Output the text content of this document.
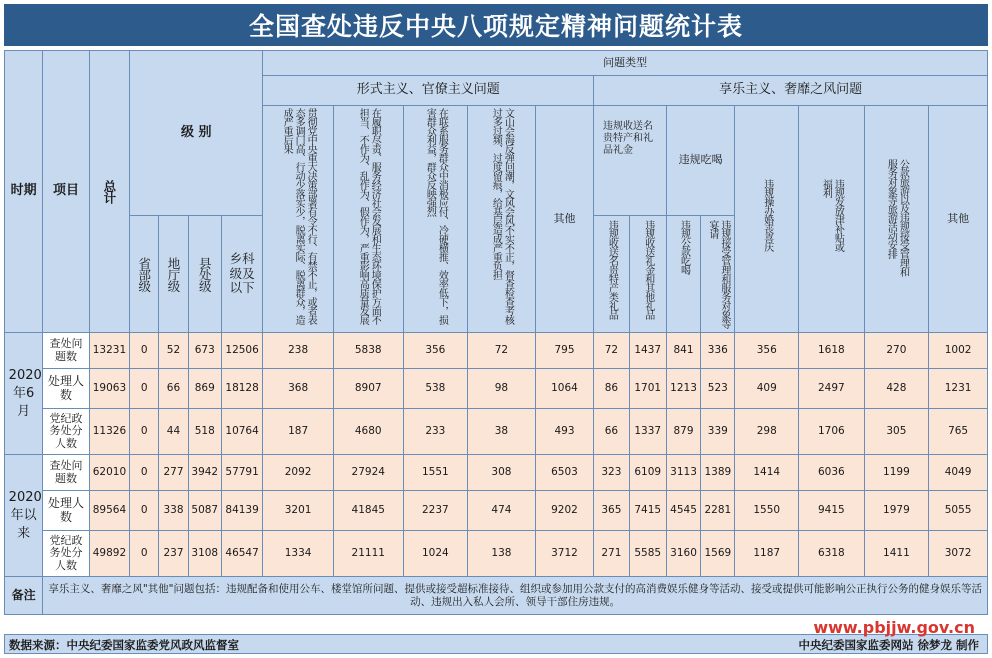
全国查处违反中央八项规定精神问题统计表
时期	项目	总计	级 别				问题类型												
							形式主义、官僚主义问题					享乐主义、奢靡之风问题							

							贯彻党中央重大决策部署有令不行、有禁不止，或者表态多调门高、行动少落实少，脱离实际、脱离群众，造成严重后果	在履职尽责、服务经济社会发展和生态环境保护方面不担当、不作为、乱作为、假作为，严重影响高质量发展	在联系服务群众中消极应付、冷硬横推、效率低下，损害群众利益，群众反映强烈	文山会海反弹回潮，文风会风不实不正，督查检查考核过多过频、过度留痕，给基层造成严重负担	其他	违规收送名贵特产和礼品礼金		违规吃喝		违规操办婚丧喜庆	违规发放津补贴或福利	公款旅游以及违规接受管理和服务对象等旅游活动安排	其他

			省部级	地厅级	县处级	乡科级及以下						违规收送名贵特产类礼品	违规收送礼金和其他礼品	违规公款吃喝	违规接受管理和服务对象等宴请				

2020年6月	查处问题数	13231	0	52	673	12506	238	5838	356	72	795	72	1437	841	336	356	1618	270	1002

	处理人数	19063	0	66	869	18128	368	8907	538	98	1064	86	1701	1213	523	409	2497	428	1231

	党纪政务处分人数	11326	0	44	518	10764	187	4680	233	38	493	66	1337	879	339	298	1706	305	765

2020年以来	查处问题数	62010	0	277	3942	57791	2092	27924	1551	308	6503	323	6109	3113	1389	1414	6036	1199	4049

	处理人数	89564	0	338	5087	84139	3201	41845	2237	474	9202	365	7415	4545	2281	1550	9415	1979	5055

	党纪政务处分人数	49892	0	237	3108	46547	1334	21111	1024	138	3712	271	5585	3160	1569	1187	6318	1411	3072
备注	享乐主义、奢靡之风"其他"问题包括：违规配备和使用公车、楼堂馆所问题、提供或接受超标准接待、组织或参加用公款支付的高消费娱乐健身等活动、接受或提供可能影响公正执行公务的健身娱乐等活动、违规出入私人会所、领导干部住房违规。																		
数据来源：中央纪委国家监委党风政风监督室
www.pbjjw.gov.cn
中央纪委国家监委网站 徐梦龙 制作
